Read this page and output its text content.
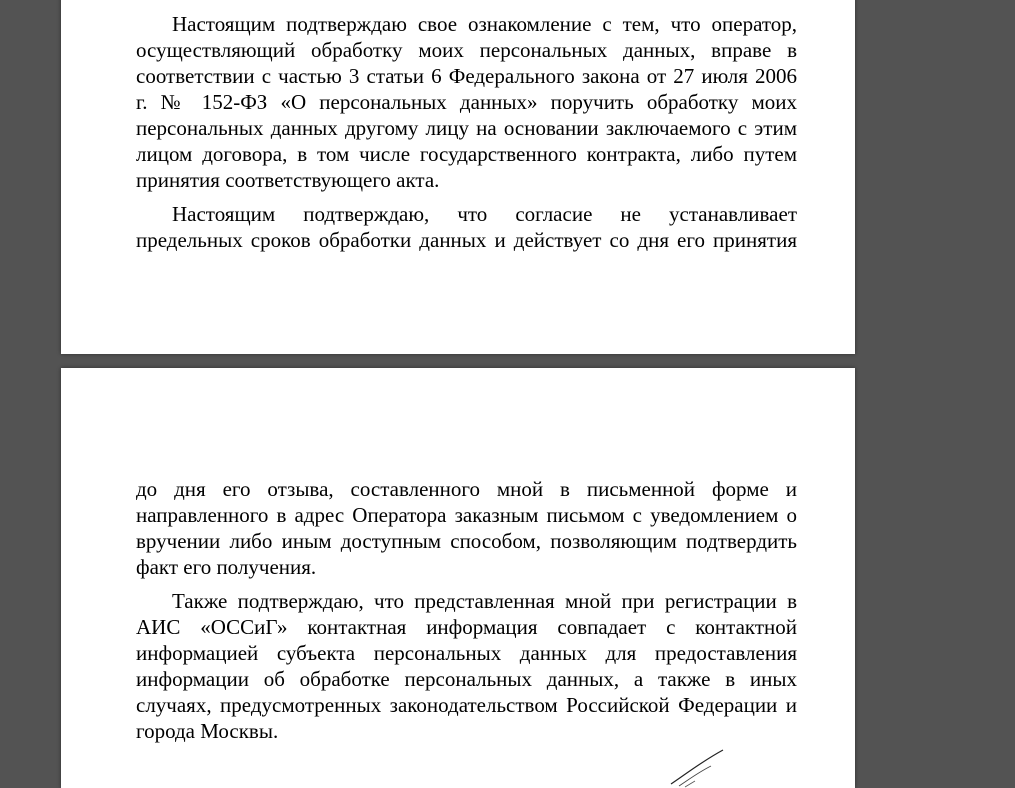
Настоящим подтверждаю свое ознакомление с тем, что оператор,
осуществляющий обработку моих персональных данных, вправе в
соответствии с частью 3 статьи 6 Федерального закона от 27 июля 2006
г. № 152-ФЗ «О персональных данных» поручить обработку моих
персональных данных другому лицу на основании заключаемого с этим
лицом договора, в том числе государственного контракта, либо путем
принятия соответствующего акта.
Настоящим подтверждаю, что согласие не устанавливает
предельных сроков обработки данных и действует со дня его принятия
до дня его отзыва, составленного мной в письменной форме и
направленного в адрес Оператора заказным письмом с уведомлением о
вручении либо иным доступным способом, позволяющим подтвердить
факт его получения.
Также подтверждаю, что представленная мной при регистрации в
АИС «ОССиГ» контактная информация совпадает с контактной
информацией субъекта персональных данных для предоставления
информации об обработке персональных данных, а также в иных
случаях, предусмотренных законодательством Российской Федерации и
города Москвы.
